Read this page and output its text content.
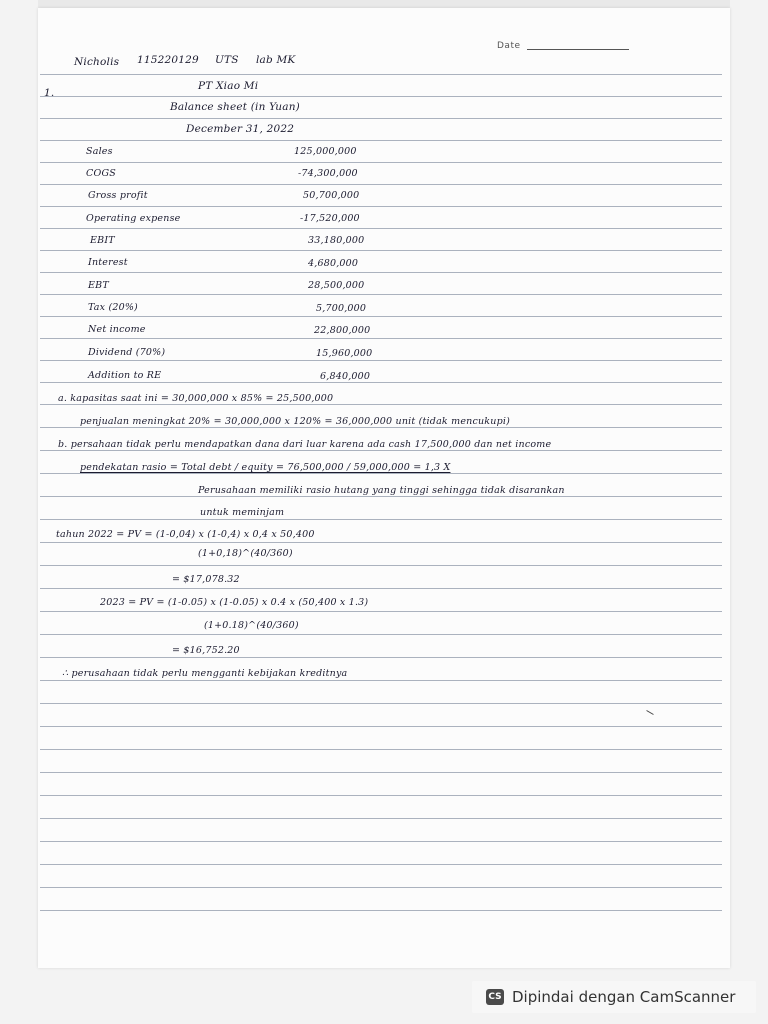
Date
Nicholis 115220129 UTS lab MK
1.
PT Xiao Mi
Balance sheet (in Yuan)
December 31, 2022
Sales	125,000,000
COGS	-74,300,000
Gross profit	50,700,000
Operating expense	-17,520,000
EBIT	33,180,000
Interest	4,680,000
EBT	28,500,000
Tax (20%)	5,700,000
Net income	22,800,000
Dividend (70%)	15,960,000
Addition to RE	6,840,000
a. kapasitas saat ini = 30,000,000 x 85% = 25,500,000
penjualan meningkat 20% = 30,000,000 x 120% = 36,000,000 unit (tidak mencukupi)
b. persahaan tidak perlu mendapatkan dana dari luar karena ada cash 17,500,000 dan net income
pendekatan rasio = Total debt / equity = 76,500,000 / 59,000,000 = 1,3 X
Perusahaan memiliki rasio hutang yang tinggi sehingga tidak disarankan
untuk meminjam
tahun 2022 = PV = (1-0,04) x (1-0,4) x 0,4 x 50,400
(1+0,18)^(40/360)
= $17,078.32
2023 = PV = (1-0.05) x (1-0.05) x 0.4 x (50,400 x 1.3)
(1+0.18)^(40/360)
= $16,752.20
∴ perusahaan tidak perlu mengganti kebijakan kreditnya
CS Dipindai dengan CamScanner
